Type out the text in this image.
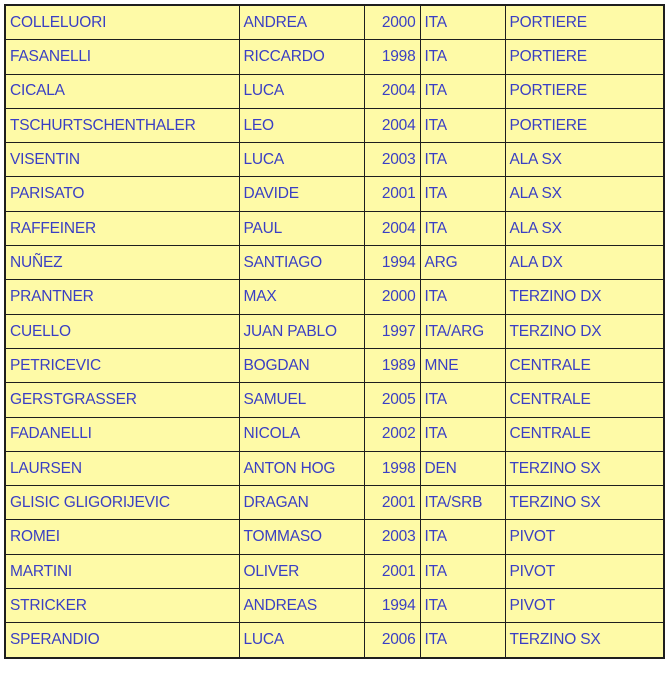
COLLELUORI	ANDREA	2000	ITA	PORTIERE
FASANELLI	RICCARDO	1998	ITA	PORTIERE
CICALA	LUCA	2004	ITA	PORTIERE
TSCHURTSCHENTHALER	LEO	2004	ITA	PORTIERE
VISENTIN	LUCA	2003	ITA	ALA SX
PARISATO	DAVIDE	2001	ITA	ALA SX
RAFFEINER	PAUL	2004	ITA	ALA SX
NUÑEZ	SANTIAGO	1994	ARG	ALA DX
PRANTNER	MAX	2000	ITA	TERZINO DX
CUELLO	JUAN PABLO	1997	ITA/ARG	TERZINO DX
PETRICEVIC	BOGDAN	1989	MNE	CENTRALE
GERSTGRASSER	SAMUEL	2005	ITA	CENTRALE
FADANELLI	NICOLA	2002	ITA	CENTRALE
LAURSEN	ANTON HOG	1998	DEN	TERZINO SX
GLISIC GLIGORIJEVIC	DRAGAN	2001	ITA/SRB	TERZINO SX
ROMEI	TOMMASO	2003	ITA	PIVOT
MARTINI	OLIVER	2001	ITA	PIVOT
STRICKER	ANDREAS	1994	ITA	PIVOT
SPERANDIO	LUCA	2006	ITA	TERZINO SX
